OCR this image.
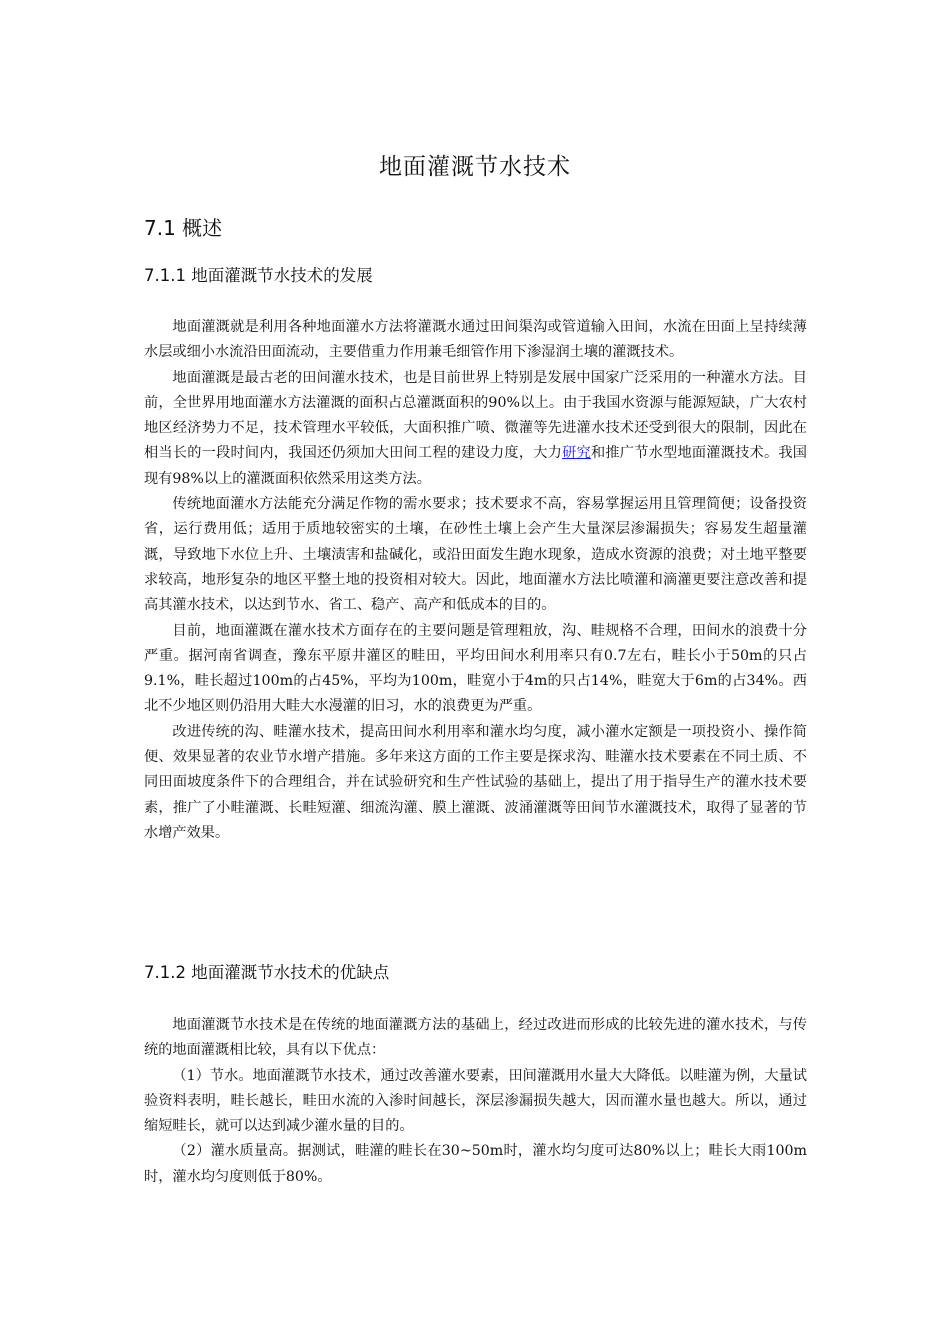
地面灌溉节水技术
7.1 概述
7.1.1 地面灌溉节水技术的发展

地面灌溉就是利用各种地面灌水方法将灌溉水通过田间渠沟或管道输入田间，水流在田面上呈持续薄水层或细小水流沿田面流动，主要借重力作用兼毛细管作用下渗湿润土壤的灌溉技术。

地面灌溉是最古老的田间灌水技术，也是目前世界上特别是发展中国家广泛采用的一种灌水方法。目前，全世界用地面灌水方法灌溉的面积占总灌溉面积的90%以上。由于我国水资源与能源短缺，广大农村地区经济势力不足，技术管理水平较低，大面积推广喷、微灌等先进灌水技术还受到很大的限制，因此在相当长的一段时间内，我国还仍须加大田间工程的建设力度，大力研究和推广节水型地面灌溉技术。我国现有98%以上的灌溉面积依然采用这类方法。

传统地面灌水方法能充分满足作物的需水要求；技术要求不高，容易掌握运用且管理简便；设备投资省，运行费用低；适用于质地较密实的土壤，在砂性土壤上会产生大量深层渗漏损失；容易发生超量灌溉，导致地下水位上升、土壤渍害和盐碱化，或沿田面发生跑水现象，造成水资源的浪费；对土地平整要求较高，地形复杂的地区平整土地的投资相对较大。因此，地面灌水方法比喷灌和滴灌更要注意改善和提高其灌水技术，以达到节水、省工、稳产、高产和低成本的目的。

目前，地面灌溉在灌水技术方面存在的主要问题是管理粗放，沟、畦规格不合理，田间水的浪费十分严重。据河南省调查，豫东平原井灌区的畦田，平均田间水利用率只有0.7左右，畦长小于50m的只占9.1%，畦长超过100m的占45%，平均为100m，畦宽小于4m的只占14%，畦宽大于6m的占34%。西北不少地区则仍沿用大畦大水漫灌的旧习，水的浪费更为严重。

改进传统的沟、畦灌水技术，提高田间水利用率和灌水均匀度，减小灌水定额是一项投资小、操作简便、效果显著的农业节水增产措施。多年来这方面的工作主要是探求沟、畦灌水技术要素在不同土质、不同田面坡度条件下的合理组合，并在试验研究和生产性试验的基础上，提出了用于指导生产的灌水技术要素，推广了小畦灌溉、长畦短灌、细流沟灌、膜上灌溉、波涌灌溉等田间节水灌溉技术，取得了显著的节水增产效果。

7.1.2 地面灌溉节水技术的优缺点

地面灌溉节水技术是在传统的地面灌溉方法的基础上，经过改进而形成的比较先进的灌水技术，与传统的地面灌溉相比较，具有以下优点：

（1）节水。地面灌溉节水技术，通过改善灌水要素，田间灌溉用水量大大降低。以畦灌为例，大量试验资料表明，畦长越长，畦田水流的入渗时间越长，深层渗漏损失越大，因而灌水量也越大。所以，通过缩短畦长，就可以达到减少灌水量的目的。

（2）灌水质量高。据测试，畦灌的畦长在30~50m时，灌水均匀度可达80%以上；畦长大雨100m时，灌水均匀度则低于80%。
